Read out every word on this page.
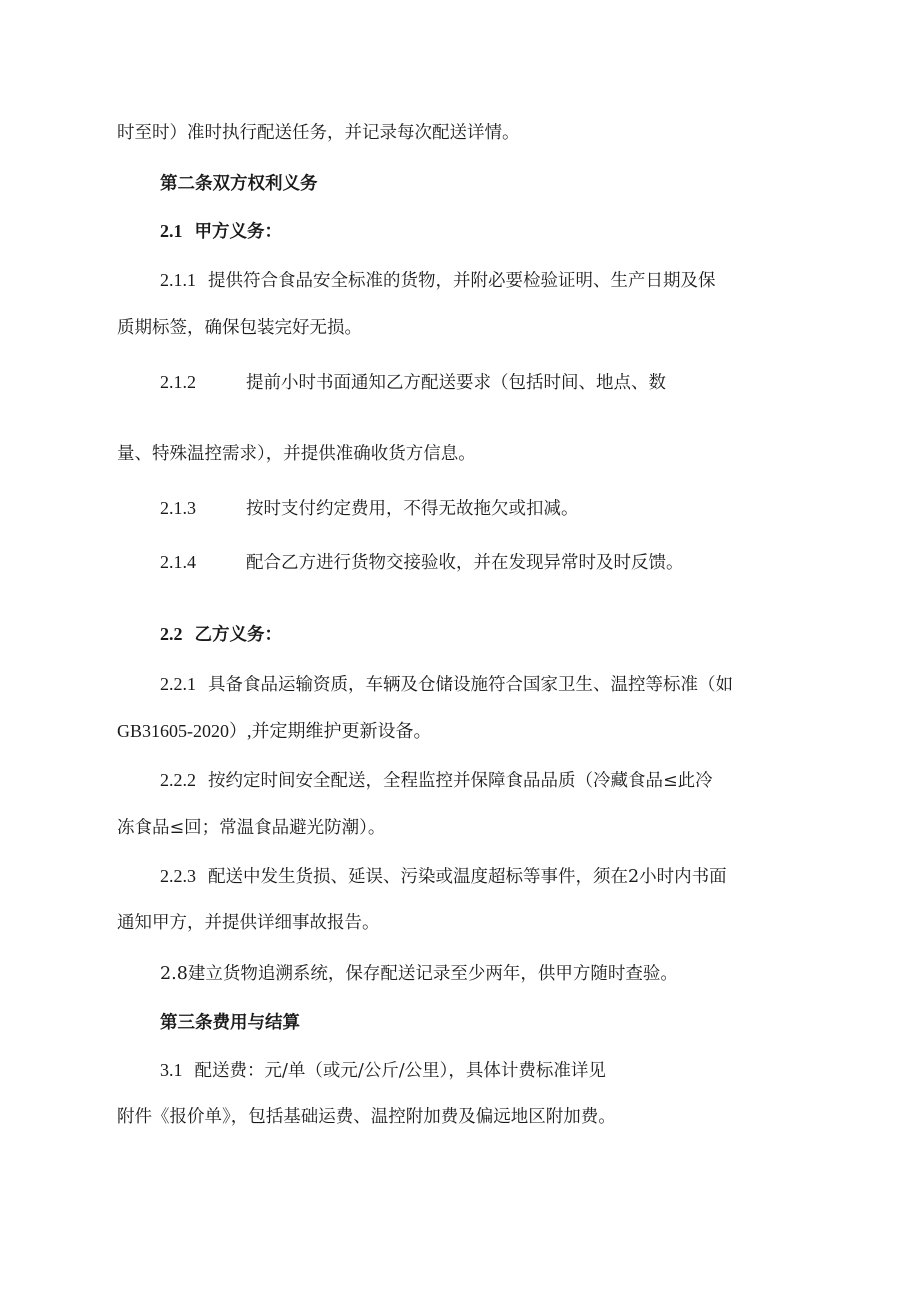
时至时）准时执行配送任务，并记录每次配送详情。
第二条双方权利义务
2.1 甲方义务：
2.1.1 提供符合食品安全标准的货物，并附必要检验证明、生产日期及保
质期标签，确保包装完好无损。
2.1.2	提前小时书面通知乙方配送要求（包括时间、地点、数
量、特殊温控需求），并提供准确收货方信息。
2.1.3	按时支付约定费用，不得无故拖欠或扣减。
2.1.4	配合乙方进行货物交接验收，并在发现异常时及时反馈。
2.2 乙方义务：
2.2.1 具备食品运输资质，车辆及仓储设施符合国家卫生、温控等标准（如
GB31605-2020）,并定期维护更新设备。
2.2.2 按约定时间安全配送，全程监控并保障食品品质（冷藏食品≤此冷
冻食品≤回；常温食品避光防潮）。
2.2.3 配送中发生货损、延误、污染或温度超标等事件，须在2小时内书面
通知甲方，并提供详细事故报告。
2.8建立货物追溯系统，保存配送记录至少两年，供甲方随时查验。
第三条费用与结算
3.1 配送费：元/单（或元/公斤/公里），具体计费标准详见
附件《报价单》，包括基础运费、温控附加费及偏远地区附加费。
